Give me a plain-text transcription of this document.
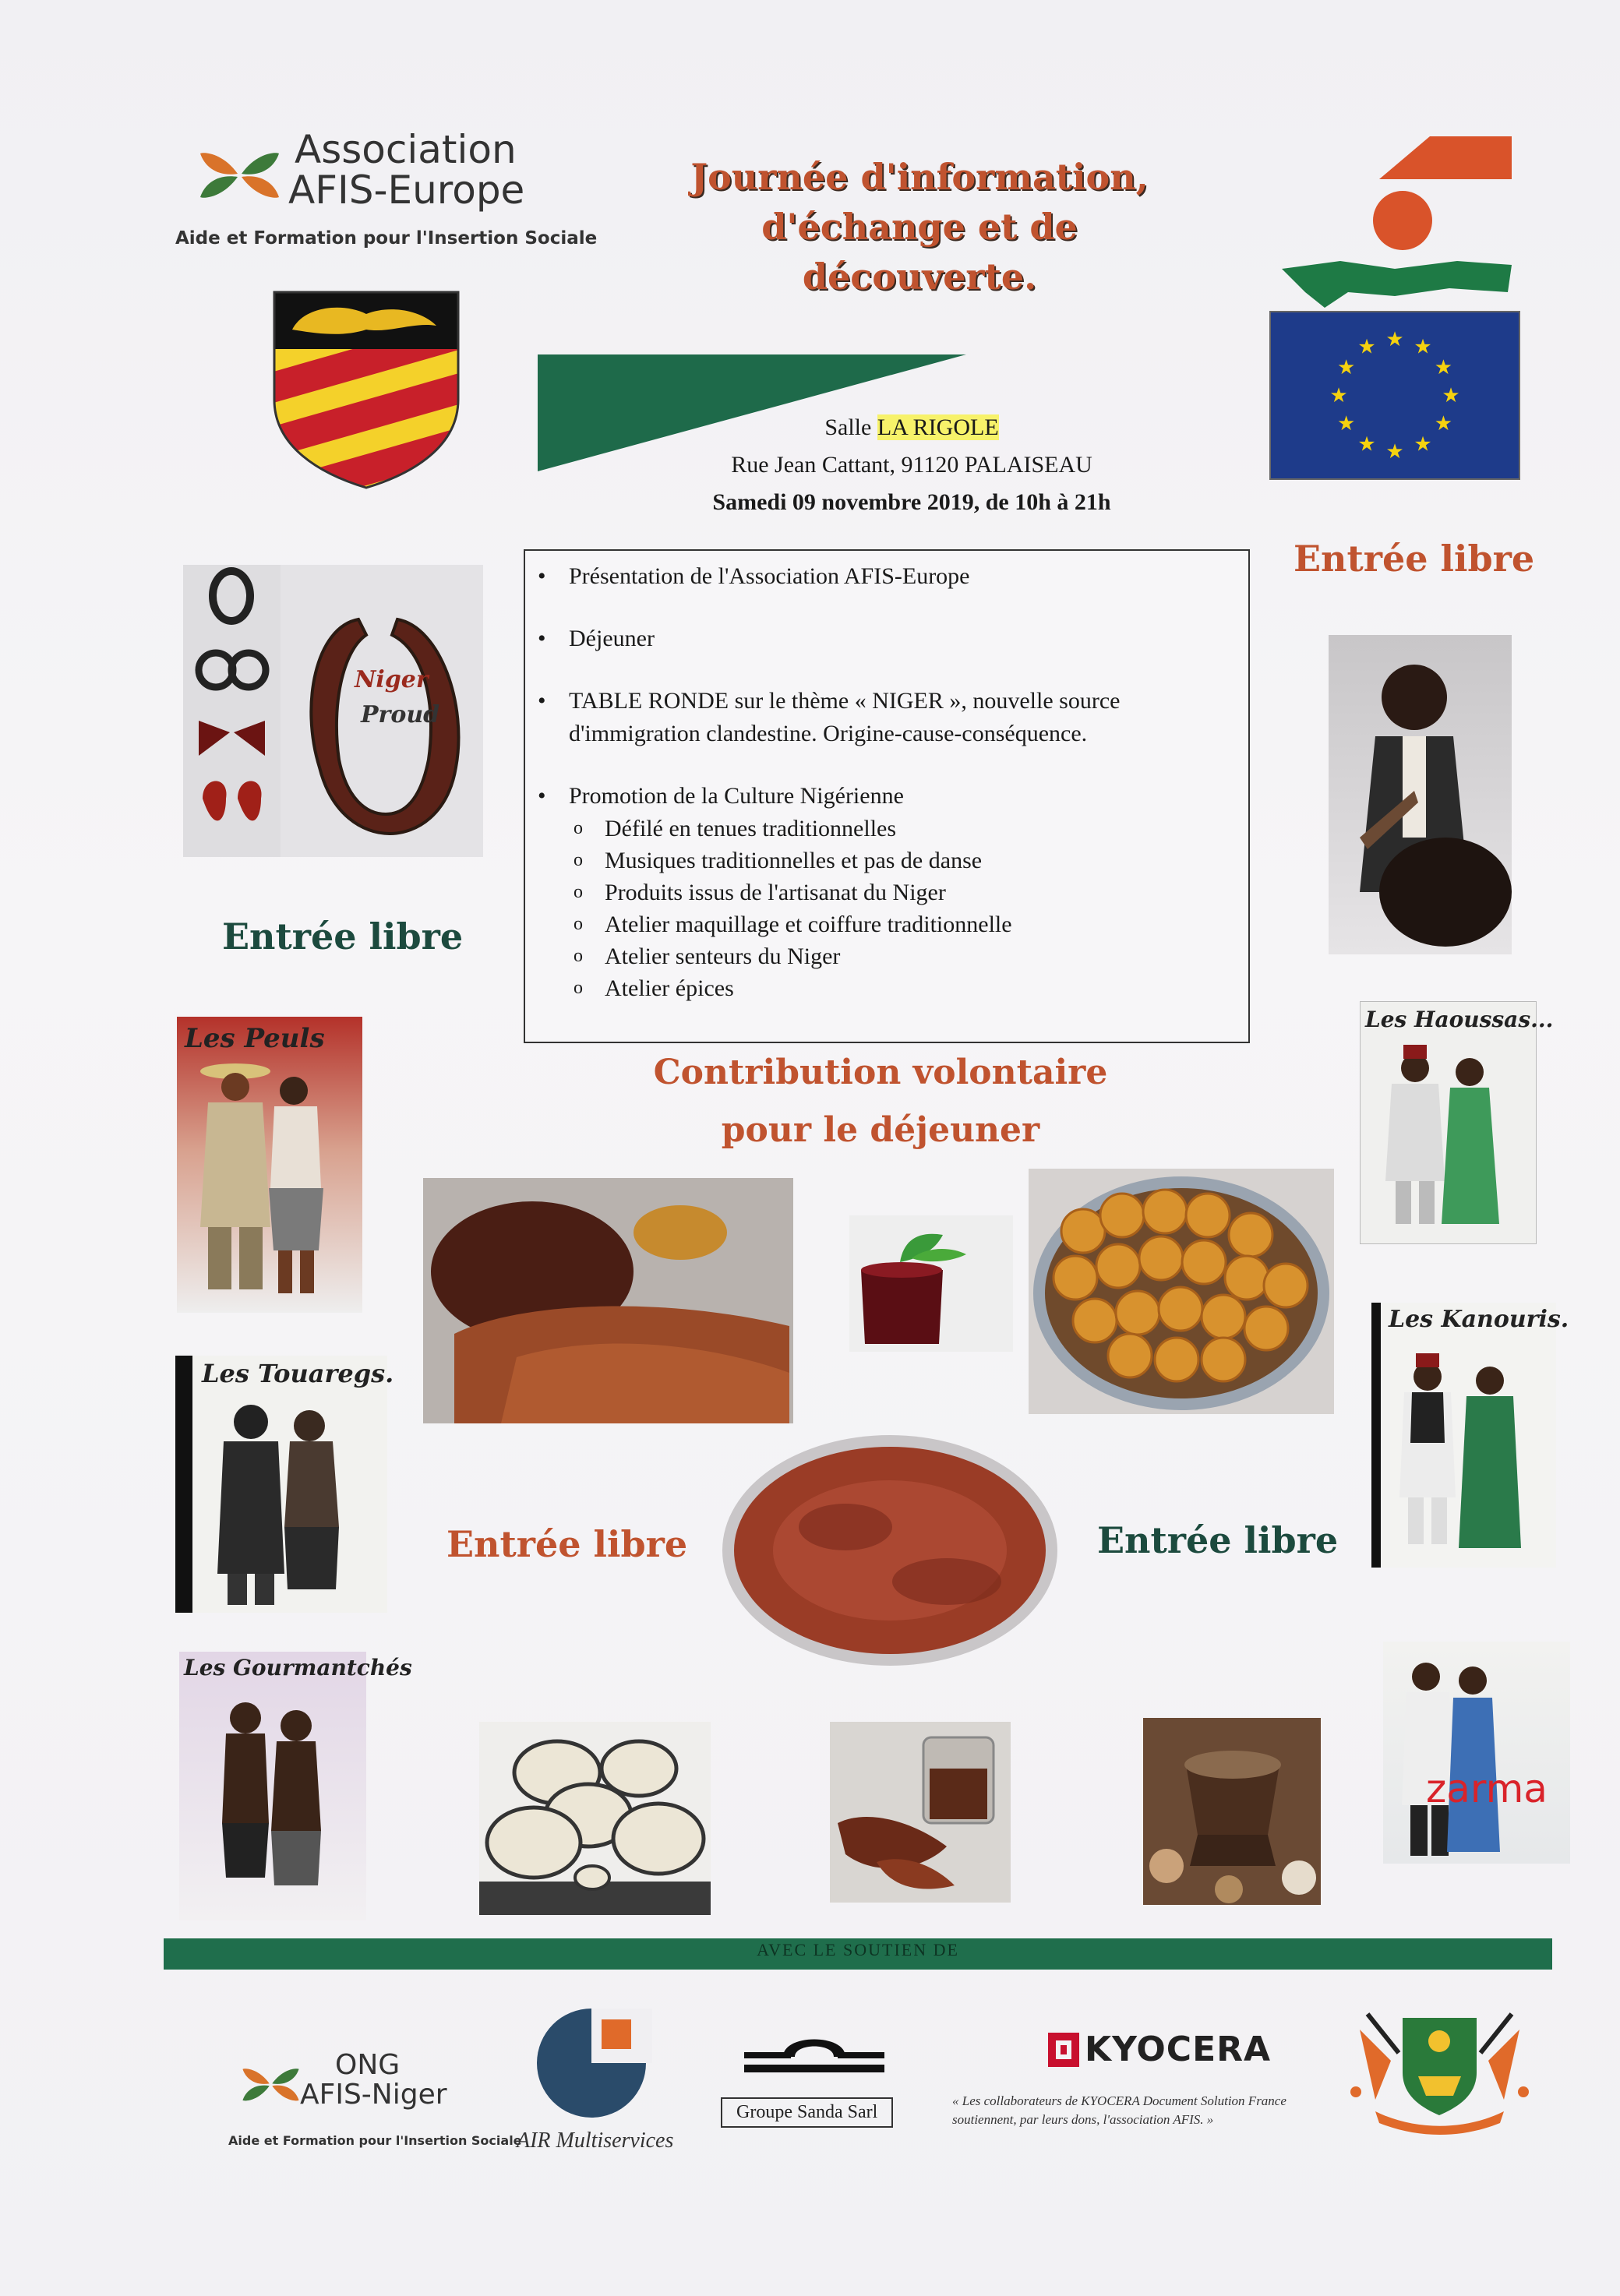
Association
AFIS-Europe
Aide et Formation pour l'Insertion Sociale
Journée d'information,
d'échange et de
découverte.
Salle LA RIGOLE
Rue Jean Cattant, 91120 PALAISEAU
Samedi 09 novembre 2019, de 10h à 21h
★ ★
★
★
★
★
★
★
★
★
★
★
Niger
Proud
Entrée libre
Les Peuls
Les Touaregs.
Les Gourmantchés
• Présentation de l'Association AFIS-Europe
• Déjeuner
• TABLE RONDE sur le thème « NIGER », nouvelle source d'immigration clandestine. Origine-cause-conséquence.
• Promotion de la Culture Nigérienne
o Défilé en tenues traditionnelles
o Musiques traditionnelles et pas de danse
o Produits issus de l'artisanat du Niger
o Atelier maquillage et coiffure traditionnelle
o Atelier senteurs du Niger
o Atelier épices
Contribution volontaire
pour le déjeuner
Entrée libre
Les Haoussas...
Les Kanouris.
zarma
Entrée libre	Entrée libre
AVEC LE SOUTIEN DE
ONG
AFIS-Niger
Aide et Formation pour l'Insertion Sociale
AIR Multiservices
Groupe Sanda Sarl
KYOCERA
« Les collaborateurs de KYOCERA Document Solution France soutiennent, par leurs dons, l'association AFIS. »
